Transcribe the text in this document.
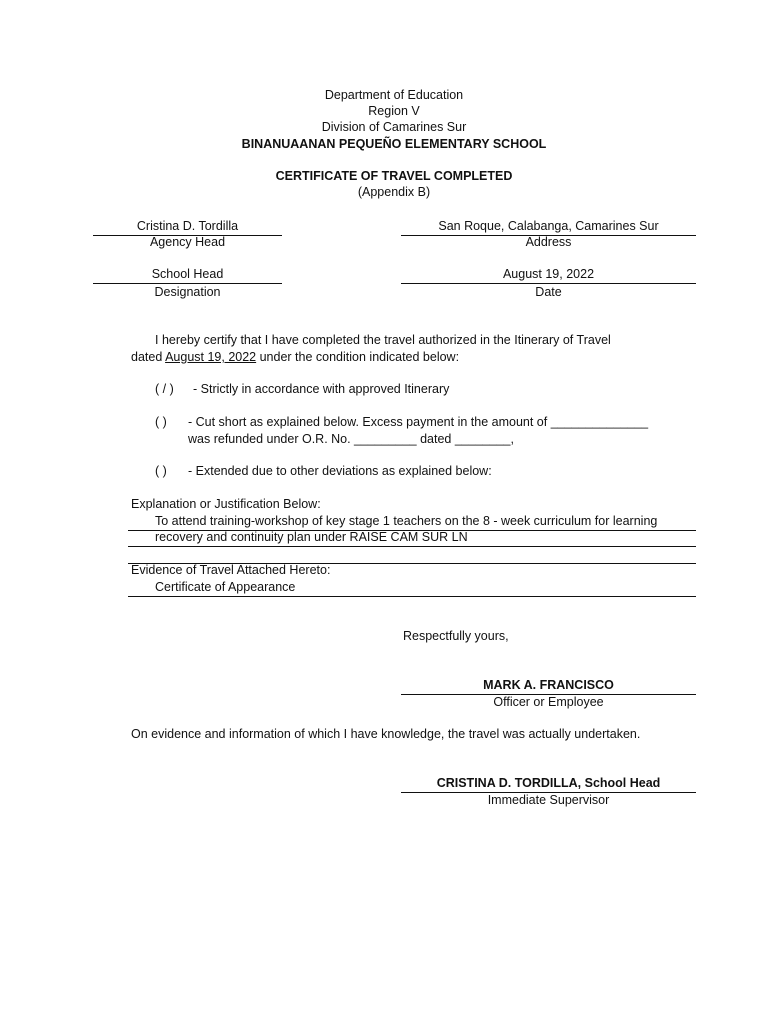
Department of Education
Region V
Division of Camarines Sur
BINANUAANAN PEQUEÑO ELEMENTARY SCHOOL
CERTIFICATE OF TRAVEL COMPLETED
(Appendix B)
Cristina D. Tordilla
Agency Head
San Roque, Calabanga, Camarines Sur
Address
School Head
Designation
August 19, 2022
Date
I hereby certify that I have completed the travel authorized in the Itinerary of Travel
dated August 19, 2022 under the condition indicated below:
( / ) - Strictly in accordance with approved Itinerary
( ) - Cut short as explained below. Excess payment in the amount of ______________
was refunded under O.R. No. _________ dated ________,
( ) - Extended due to other deviations as explained below:
Explanation or Justification Below:
To attend training-workshop of key stage 1 teachers on the 8 - week curriculum for learning
recovery and continuity plan under RAISE CAM SUR LN
Evidence of Travel Attached Hereto:
Certificate of Appearance
Respectfully yours,
MARK A. FRANCISCO
Officer or Employee
On evidence and information of which I have knowledge, the travel was actually undertaken.
CRISTINA D. TORDILLA, School Head
Immediate Supervisor
